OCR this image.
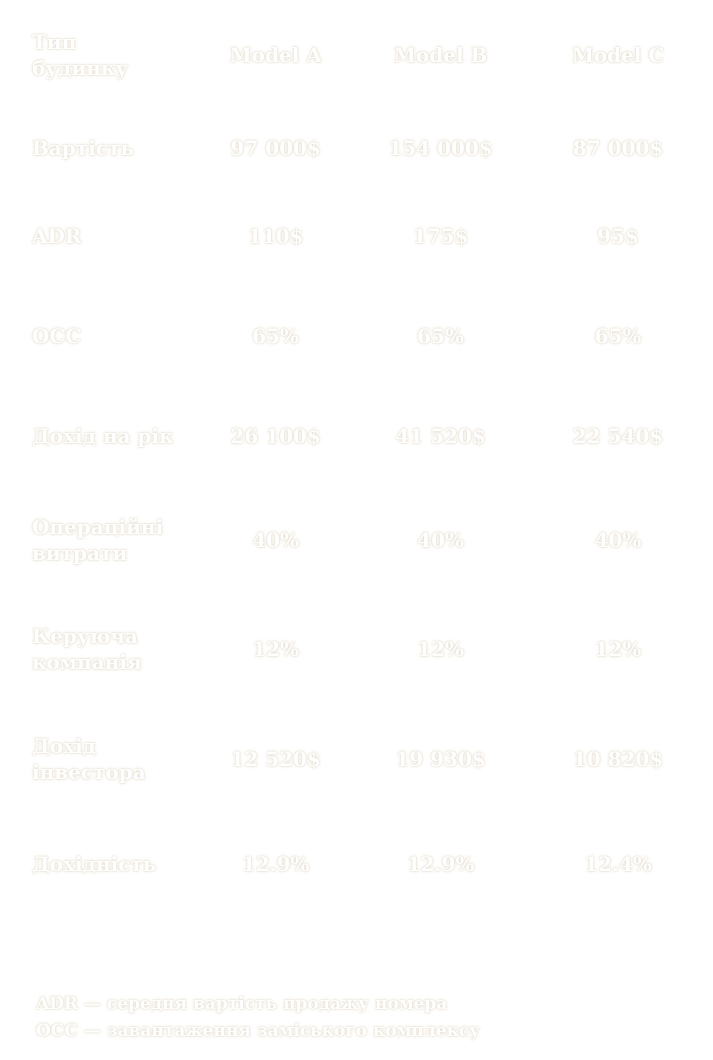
Тип будинку	Model A	Model B	Model C
Вартість	97 000$	154 000$	87 000$
ADR	110$	175$	95$
OCC	65%	65%	65%
Дохід на рік	26 100$	41 520$	22 540$
Операційні витрати	40%	40%	40%
Керуюча компанія	12%	12%	12%
Дохід інвестора	12 520$	19 930$	10 820$
Дохідність	12.9%	12.9%	12.4%
ADR — середня вартість продажу номера
OCC — завантаження заміського комплексу
